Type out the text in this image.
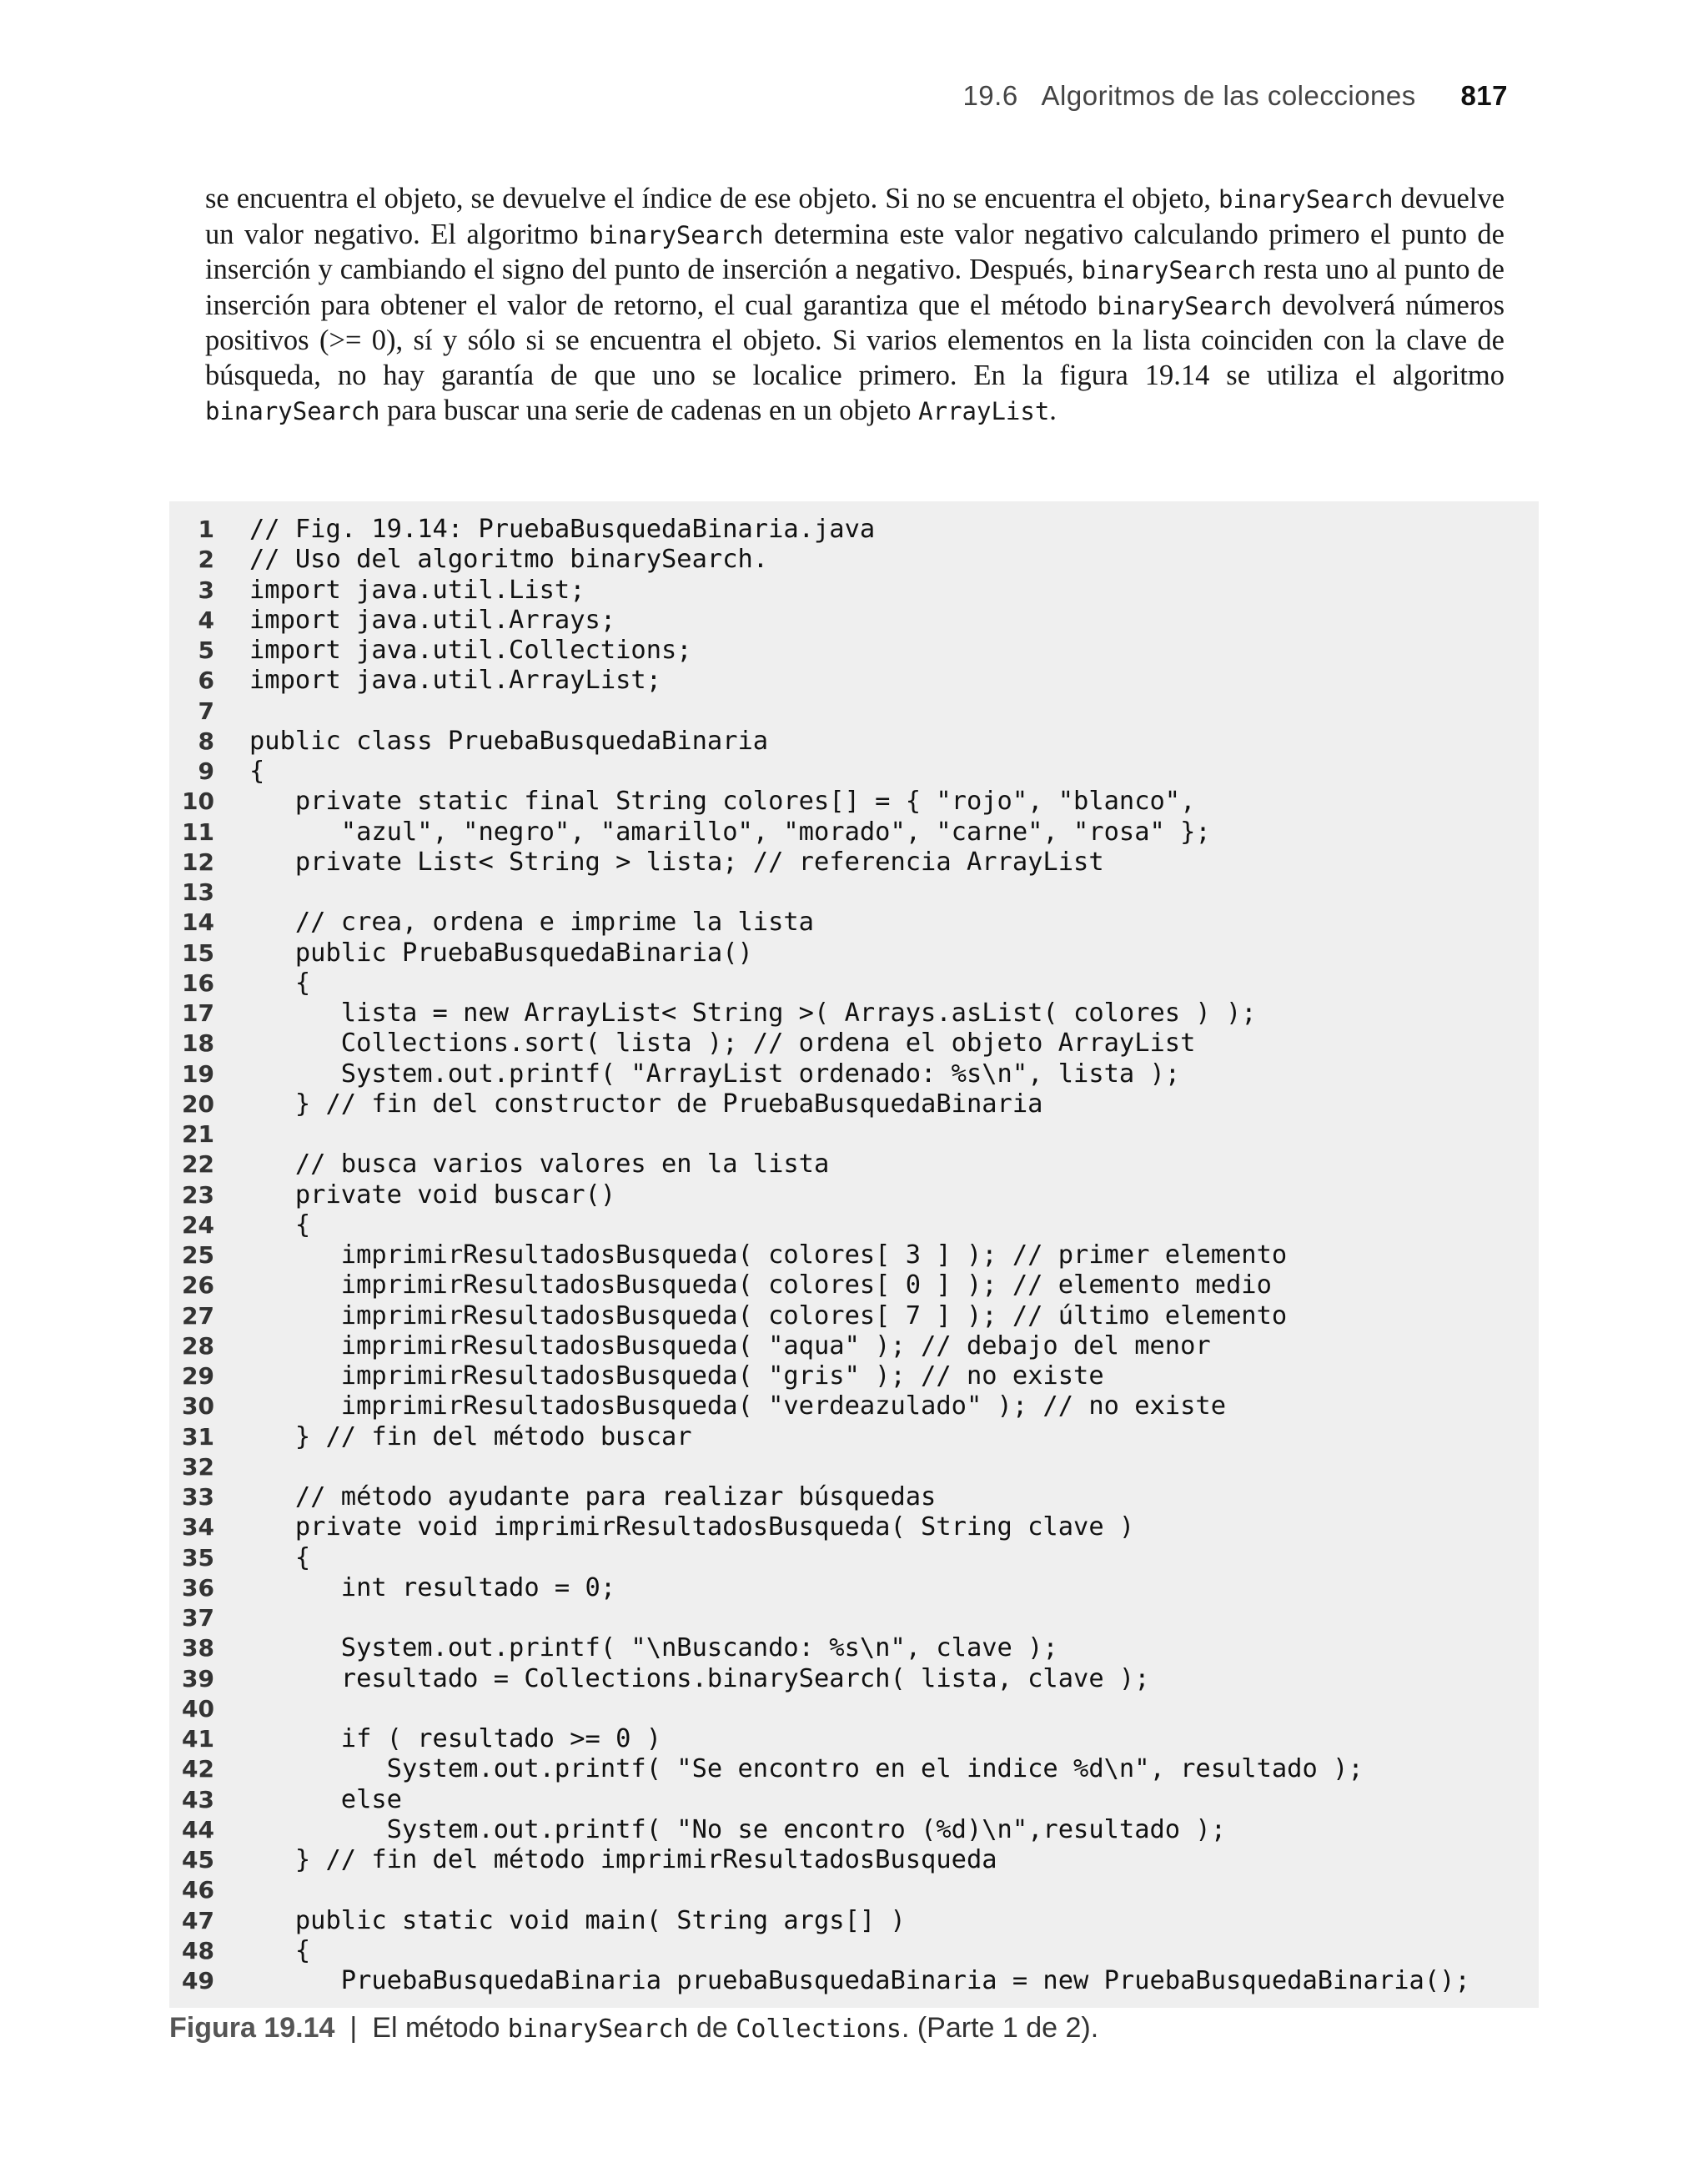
19.6 Algoritmos de las colecciones 817
se encuentra el objeto, se devuelve el índice de ese objeto. Si no se encuentra el objeto, binarySearch devuelve un valor negativo. El algoritmo binarySearch determina este valor negativo calculando primero el punto de inserción y cambiando el signo del punto de inserción a negativo. Después, binarySearch resta uno al punto de inserción para obtener el valor de retorno, el cual garantiza que el método binarySearch devolverá números positivos (>= 0), sí y sólo si se encuentra el objeto. Si varios elementos en la lista coinciden con la clave de búsqueda, no hay garantía de que uno se localice primero. En la figura 19.14 se utiliza el algoritmo binarySearch para buscar una serie de cadenas en un objeto ArrayList.
1 // Fig. 19.14: PruebaBusquedaBinaria.java
2 // Uso del algoritmo binarySearch.
3 import java.util.List;
4 import java.util.Arrays;
5 import java.util.Collections;
6 import java.util.ArrayList;
7
8 public class PruebaBusquedaBinaria
9 {
10 private static final String colores[] = { "rojo", "blanco",
11 "azul", "negro", "amarillo", "morado", "carne", "rosa" };
12 private List< String > lista; // referencia ArrayList
13
14 // crea, ordena e imprime la lista
15 public PruebaBusquedaBinaria()
16 {
17 lista = new ArrayList< String >( Arrays.asList( colores ) );
18 Collections.sort( lista ); // ordena el objeto ArrayList
19 System.out.printf( "ArrayList ordenado: %s\n", lista );
20 } // fin del constructor de PruebaBusquedaBinaria
21
22 // busca varios valores en la lista
23 private void buscar()
24 {
25 imprimirResultadosBusqueda( colores[ 3 ] ); // primer elemento
26 imprimirResultadosBusqueda( colores[ 0 ] ); // elemento medio
27 imprimirResultadosBusqueda( colores[ 7 ] ); // último elemento
28 imprimirResultadosBusqueda( "aqua" ); // debajo del menor
29 imprimirResultadosBusqueda( "gris" ); // no existe
30 imprimirResultadosBusqueda( "verdeazulado" ); // no existe
31 } // fin del método buscar
32
33 // método ayudante para realizar búsquedas
34 private void imprimirResultadosBusqueda( String clave )
35 {
36 int resultado = 0;
37
38 System.out.printf( "\nBuscando: %s\n", clave );
39 resultado = Collections.binarySearch( lista, clave );
40
41 if ( resultado >= 0 )
42 System.out.printf( "Se encontro en el indice %d\n", resultado );
43 else
44 System.out.printf( "No se encontro (%d)\n",resultado );
45 } // fin del método imprimirResultadosBusqueda
46
47 public static void main( String args[] )
48 {
49 PruebaBusquedaBinaria pruebaBusquedaBinaria = new PruebaBusquedaBinaria();
Figura 19.14 | El método binarySearch de Collections. (Parte 1 de 2).
